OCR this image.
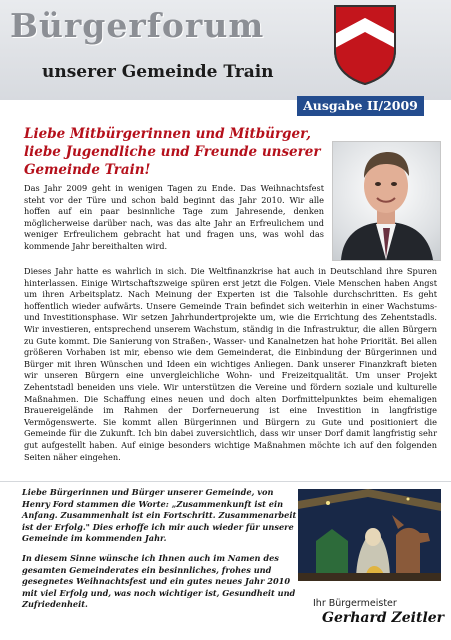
Bürgerforum
unserer Gemeinde Train
Ausgabe II/2009
Liebe Mitbürgerinnen und Mitbürger, liebe Jugendliche und Freunde unserer Gemeinde Train!

Das Jahr 2009 geht in wenigen Tagen zu Ende. Das Weihnachtsfest steht vor der Türe und schon bald beginnt das Jahr 2010. Wir alle hoffen auf ein paar besinnliche Tage zum Jahresende, denken möglicherweise darüber nach, was das alte Jahr an Erfreulichem und weniger Erfreulichem gebracht hat und fragen uns, was wohl das kommende Jahr bereithalten wird.

Dieses Jahr hatte es wahrlich in sich. Die Weltfinanzkrise hat auch in Deutschland ihre Spuren hinterlassen. Einige Wirtschaftszweige spüren erst jetzt die Folgen. Viele Menschen haben Angst um ihren Arbeitsplatz. Nach Meinung der Experten ist die Talsohle durchschritten. Es geht hoffentlich wieder aufwärts. Unsere Gemeinde Train befindet sich weiterhin in einer Wachstums- und Investitionsphase. Wir setzen Jahrhundertprojekte um, wie die Errichtung des Zehentstadls. Wir investieren, entsprechend unserem Wachstum, ständig in die Infrastruktur, die allen Bürgern zu Gute kommt. Die Sanierung von Straßen-, Wasser- und Kanalnetzen hat hohe Priorität. Bei allen größeren Vorhaben ist mir, ebenso wie dem Gemeinderat, die Einbindung der Bürgerinnen und Bürger mit ihren Wünschen und Ideen ein wichtiges Anliegen. Dank unserer Finanzkraft bieten wir unseren Bürgern eine unvergleichliche Wohn- und Freizeitqualität. Um unser Projekt Zehentstadl beneiden uns viele. Wir unterstützen die Vereine und fördern soziale und kulturelle Maßnahmen. Die Schaffung eines neuen und doch alten Dorfmittelpunktes beim ehemaligen Brauereigelände im Rahmen der Dorferneuerung ist eine Investition in langfristige Vermögenswerte. Sie kommt allen Bürgerinnen und Bürgern zu Gute und positioniert die Gemeinde für die Zukunft. Ich bin dabei zuversichtlich, dass wir unser Dorf damit langfristig sehr gut aufgestellt haben. Auf einige besonders wichtige Maßnahmen möchte ich auf den folgenden Seiten näher eingehen.

Liebe Bürgerinnen und Bürger unserer Gemeinde, von Henry Ford stammen die Worte: „Zusammenkunft ist ein Anfang. Zusammenhalt ist ein Fortschritt. Zusammenarbeit ist der Erfolg." Dies erhoffe ich mir auch wieder für unsere Gemeinde im kommenden Jahr.

In diesem Sinne wünsche ich Ihnen auch im Namen des gesamten Gemeinderates ein besinnliches, frohes und gesegnetes Weihnachtsfest und ein gutes neues Jahr 2010 mit viel Erfolg und, was noch wichtiger ist, Gesundheit und Zufriedenheit.	Ihr Bürgermeister
Gerhard Zeitler
